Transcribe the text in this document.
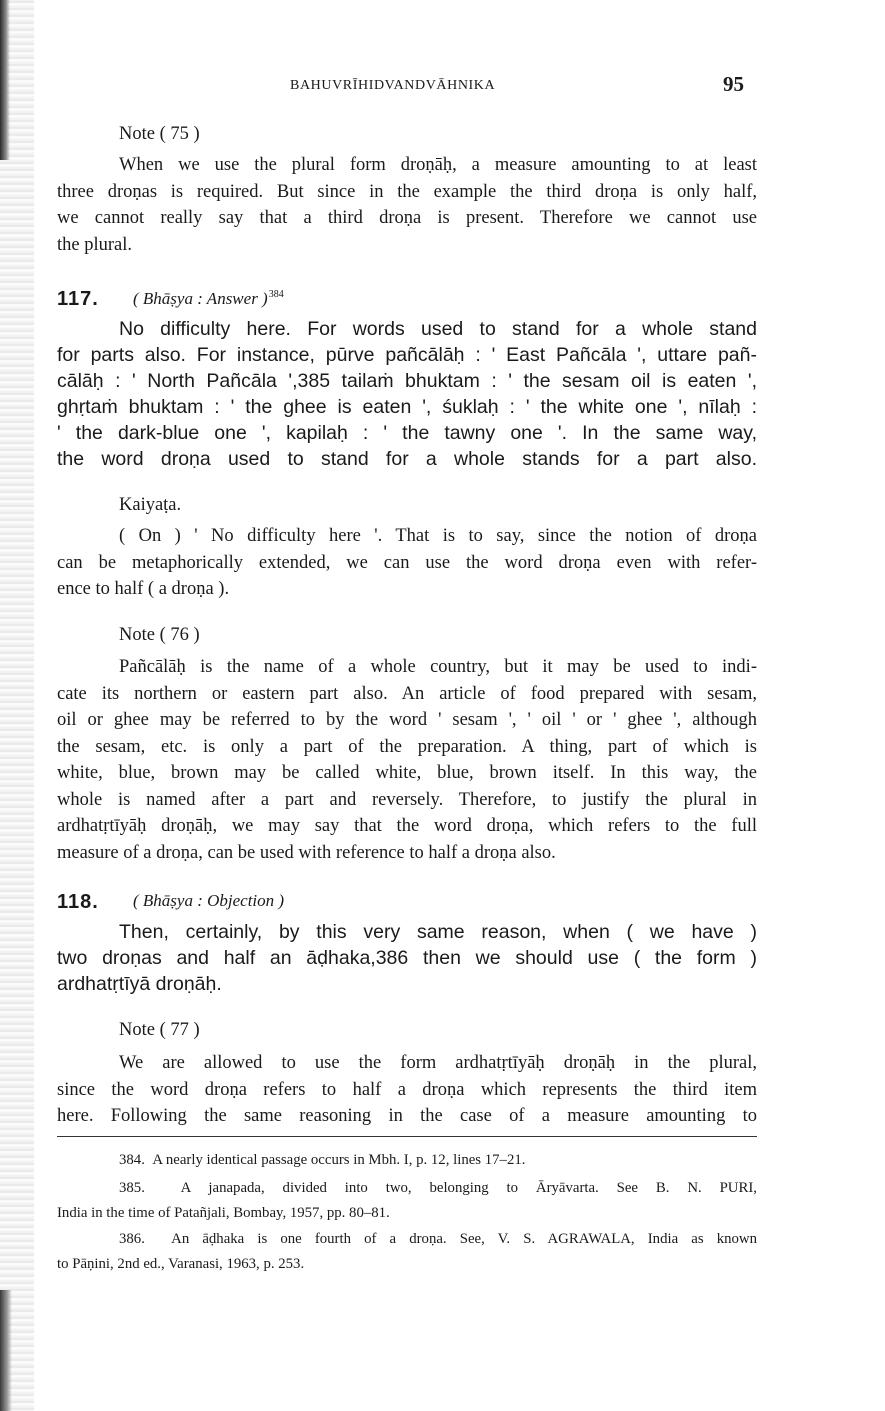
BAHUVRĪHIDVANDVĀHNIKA	95
Note ( 75 )
When we use the plural form droṇāḥ, a measure amounting to at least
three droṇas is required. But since in the example the third droṇa is only half,
we cannot really say that a third droṇa is present. Therefore we cannot use
the plural.
117. ( Bhāṣya : Answer )$^{384}$
No difficulty here. For words used to stand for a whole stand
for parts also. For instance, pūrve pañcālāḥ : ' East Pañcāla ', uttare pañ-
cālāḥ : ' North Pañcāla ',385 tailaṁ bhuktam : ' the sesam oil is eaten ',
ghṛtaṁ bhuktam : ' the ghee is eaten ', śuklaḥ : ' the white one ', nīlaḥ :
' the dark-blue one ', kapilaḥ : ' the tawny one '. In the same way,
the word droṇa used to stand for a whole stands for a part also.
Kaiyaṭa.
( On ) ' No difficulty here '. That is to say, since the notion of droṇa
can be metaphorically extended, we can use the word droṇa even with refer-
ence to half ( a droṇa ).
Note ( 76 )
Pañcālāḥ is the name of a whole country, but it may be used to indi-
cate its northern or eastern part also. An article of food prepared with sesam,
oil or ghee may be referred to by the word ' sesam ', ' oil ' or ' ghee ', although
the sesam, etc. is only a part of the preparation. A thing, part of which is
white, blue, brown may be called white, blue, brown itself. In this way, the
whole is named after a part and reversely. Therefore, to justify the plural in
ardhatṛtīyāḥ droṇāḥ, we may say that the word droṇa, which refers to the full
measure of a droṇa, can be used with reference to half a droṇa also.
118. ( Bhāṣya : Objection )
Then, certainly, by this very same reason, when ( we have )
two droṇas and half an āḍhaka,386 then we should use ( the form )
ardhatṛtīyā droṇāḥ.
Note ( 77 )
We are allowed to use the form ardhatṛtīyāḥ droṇāḥ in the plural,
since the word droṇa refers to half a droṇa which represents the third item
here. Following the same reasoning in the case of a measure amounting to
384. A nearly identical passage occurs in Mbh. I, p. 12, lines 17–21.
385. A janapada, divided into two, belonging to Āryāvarta. See B. N. PURI,
India in the time of Patañjali, Bombay, 1957, pp. 80–81.
386. An āḍhaka is one fourth of a droṇa. See, V. S. AGRAWALA, India as known
to Pāṇini, 2nd ed., Varanasi, 1963, p. 253.
